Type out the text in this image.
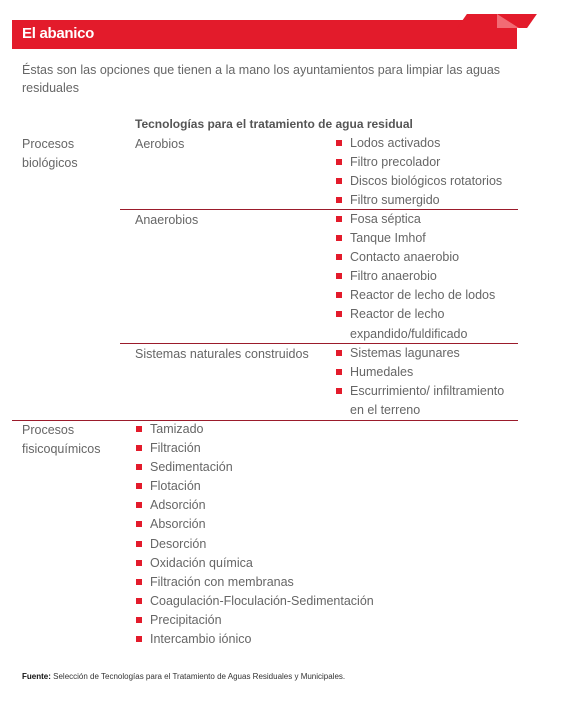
El abanico
Éstas son las opciones que tienen a la mano los ayuntamientos para limpiar las aguas residuales
Tecnologías para el tratamiento de agua residual
Procesos biológicos
Aerobios	Lodos activados
Filtro precolador
Discos biológicos rotatorios
Filtro sumergido
Anaerobios	Fosa séptica
Tanque Imhof
Contacto anaerobio
Filtro anaerobio
Reactor de lecho de lodos
Reactor de lecho expandido/fuldificado
Sistemas naturales construidos	Sistemas lagunares
Humedales
Escurrimiento/ infiltramiento en el terreno
Procesos fisicoquímicos
Tamizado
Filtración
Sedimentación
Flotación
Adsorción
Absorción
Desorción
Oxidación química
Filtración con membranas
Coagulación-Floculación-Sedimentación
Precipitación
Intercambio iónico
Fuente: Selección de Tecnologías para el Tratamiento de Aguas Residuales y Municipales.
